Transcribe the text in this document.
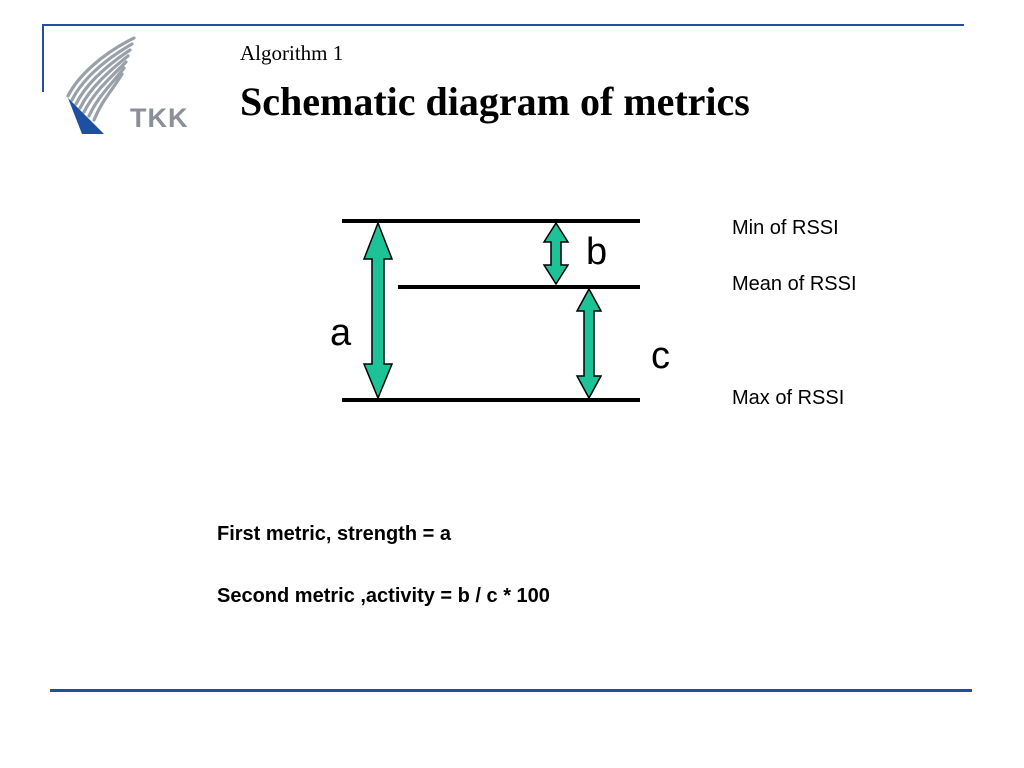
TKK

Algorithm 1

Schematic diagram of metrics

a
b
c

Min of RSSI

Mean of RSSI

Max of RSSI

First metric, strength = a

Second metric ,activity = b / c * 100
